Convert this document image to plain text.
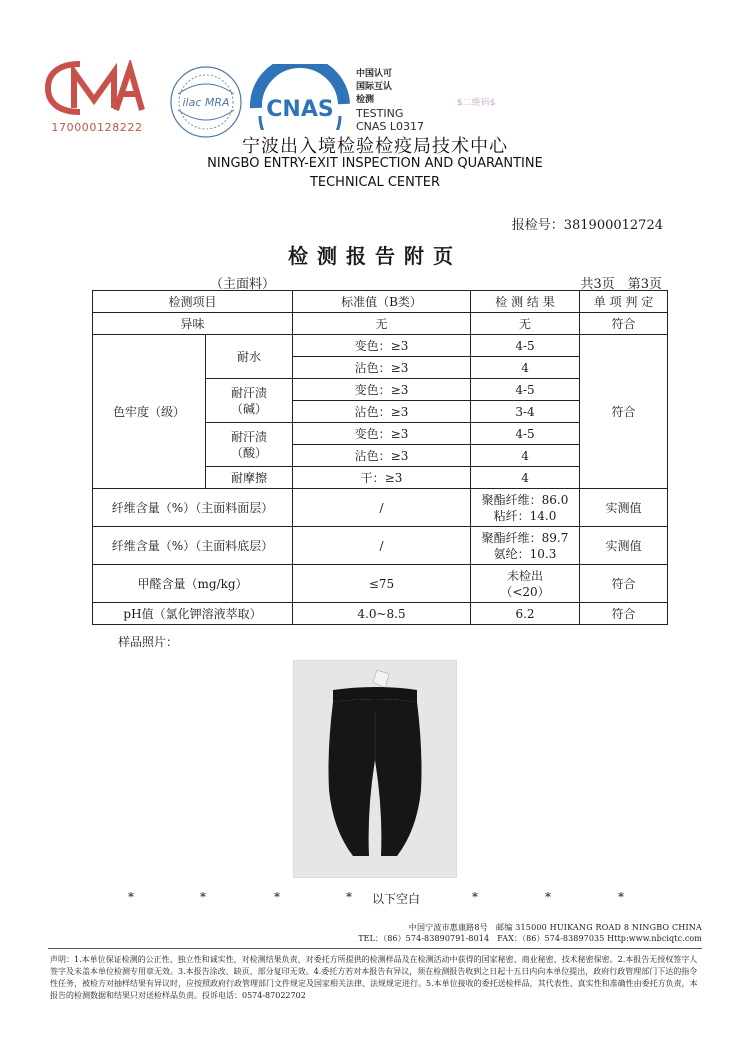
170000128222
ilac MRA CNAS
中国认可
国际互认
检测
TESTING
CNAS L0317
$二维码$
宁波出入境检验检疫局技术中心
NINGBO ENTRY-EXIT INSPECTION AND QUARANTINE
TECHNICAL CENTER
报检号：381900012724
检测报告附页
（主面料）	共3页　第3页
检测项目		标准值（B类）	检 测 结 果	单 项 判 定
异味		无	无	符合
色牢度（级）	耐水	变色：≥3	4-5	符合
		沾色：≥3	4	

	耐汗渍
（碱）	变色：≥3	4-5	
		沾色：≥3	3-4	

	耐汗渍
（酸）	变色：≥3	4-5	
		沾色：≥3	4	
	耐摩擦	干：≥3	4	
纤维含量（%）（主面料面层）		/	聚酯纤维：86.0
粘纤：14.0	实测值
纤维含量（%）（主面料底层）		/	聚酯纤维：89.7
氨纶：10.3	实测值
甲醛含量（mg/kg）		≤75	未检出
（<20）	符合
pH值（氯化钾溶液萃取）		4.0~8.5	6.2	符合
样品照片：
*	*	*	* 以下空白	*	*	*
中国宁波市惠康路8号　邮编 315000 HUIKANG ROAD 8 NINGBO CHINA
TEL：（86）574-83890791-8014　FAX：（86）574-83897035 Http:www.nbciqtc.com
声明：1.本单位保证检测的公正性、独立性和诚实性，对检测结果负责，对委托方所提供的检测样品及在检测活动中获得的国家秘密、商业秘密、技术秘密保密。2.本报告无授权签字人签字及未盖本单位检测专用章无效。3.本报告涂改、缺页、部分复印无效。4.委托方若对本报告有异议，须在检测报告收到之日起十五日内向本单位提出，政府行政管理部门下达的指令性任务，被检方对抽样结果有异议时，应按照政府行政管理部门文件规定及国家相关法律、法规规定进行。5.本单位接收的委托送检样品，其代表性、真实性和准确性由委托方负责，本报告的检测数据和结果只对送检样品负责。投诉电话：0574-87022702
